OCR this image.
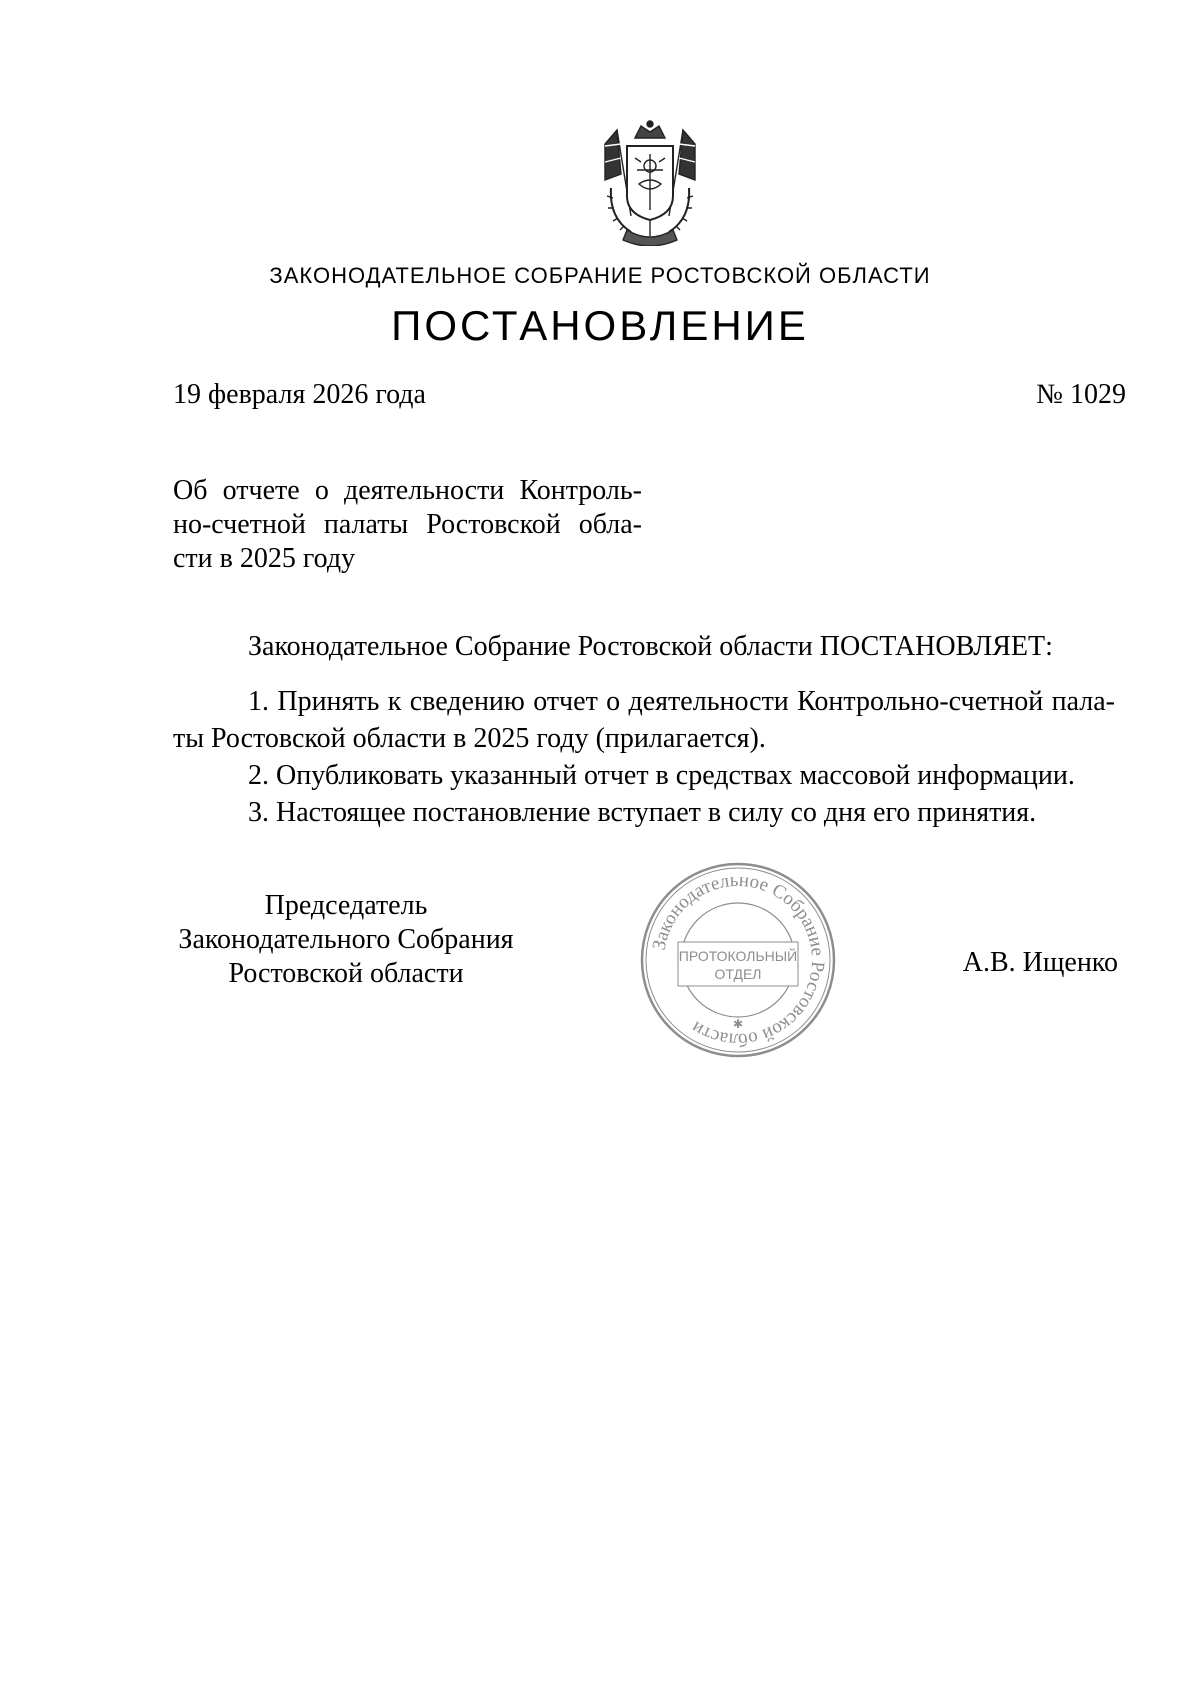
ЗАКОНОДАТЕЛЬНОЕ СОБРАНИЕ РОСТОВСКОЙ ОБЛАСТИ
ПОСТАНОВЛЕНИЕ
19 февраля 2026 года	№ 1029
Об отчете о деятельности Контроль-
но-счетной палаты Ростовской обла-
сти в 2025 году
Законодательное Собрание Ростовской области ПОСТАНОВЛЯЕТ:
1. Принять к сведению отчет о деятельности Контрольно-счетной пала-
ты Ростовской области в 2025 году (прилагается).
2. Опубликовать указанный отчет в средствах массовой информации.
3. Настоящее постановление вступает в силу со дня его принятия.
Председатель
Законодательного Собрания
Ростовской области	А.В. Ищенко
Законодательное Собрание Ростовской области
ПРОТОКОЛЬНЫЙ
ОТДЕЛ
✱
